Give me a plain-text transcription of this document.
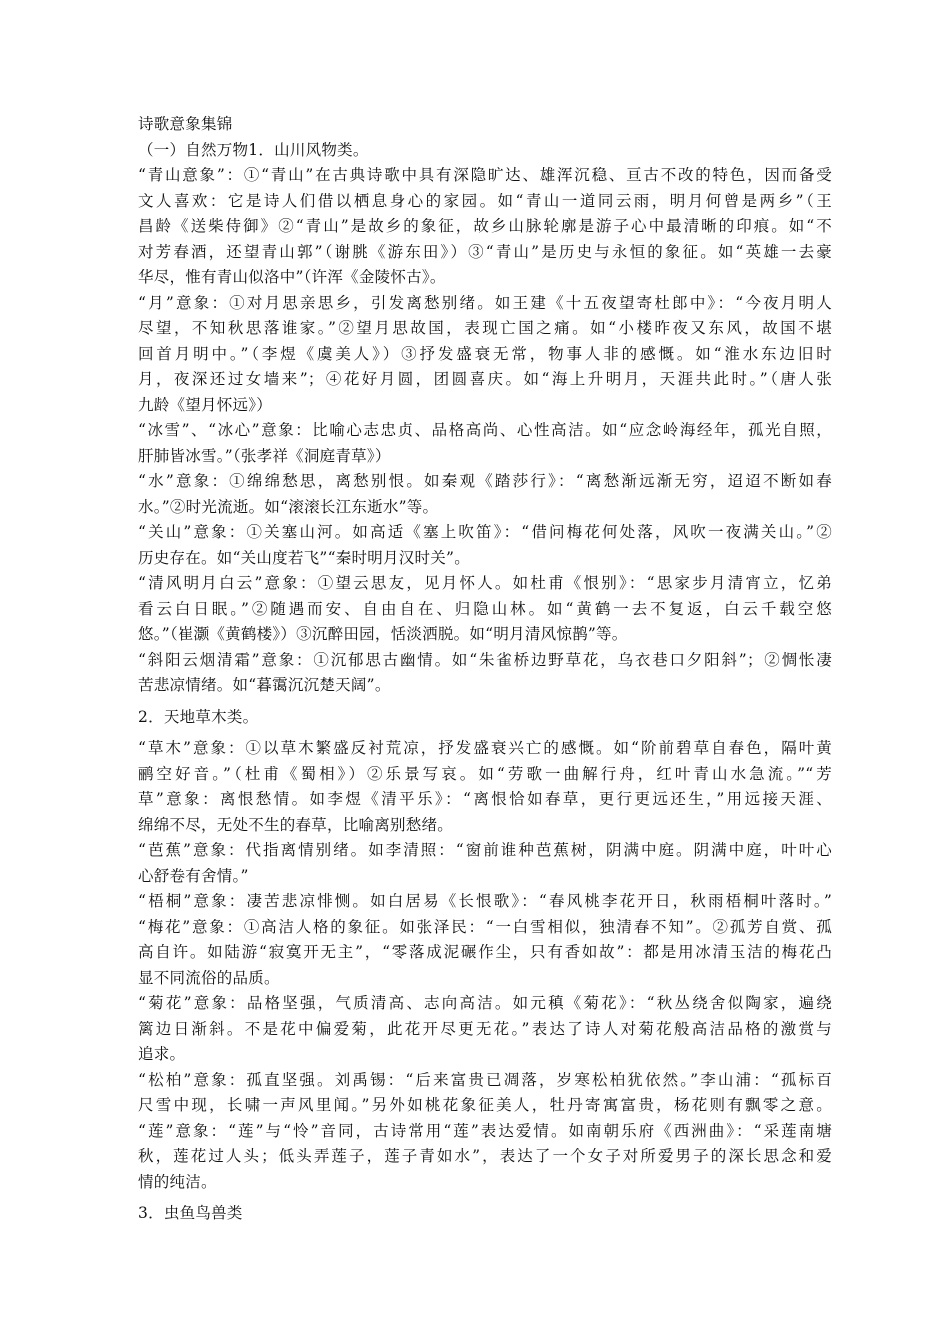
诗歌意象集锦
（一）自然万物1．山川风物类。
“青山意象”：①“青山”在古典诗歌中具有深隐旷达、雄浑沉稳、亘古不改的特色，因而备受
文人喜欢：它是诗人们借以栖息身心的家园。如“青山一道同云雨，明月何曾是两乡”（王
昌龄《送柴侍御》②“青山”是故乡的象征，故乡山脉轮廓是游子心中最清晰的印痕。如“不
对芳春酒，还望青山郭”（谢朓《游东田》）③“青山”是历史与永恒的象征。如“英雄一去豪
华尽，惟有青山似洛中”（许浑《金陵怀古》。
“月”意象：①对月思亲思乡，引发离愁别绪。如王建《十五夜望寄杜郎中》：“今夜月明人
尽望，不知秋思落谁家。”②望月思故国，表现亡国之痛。如“小楼昨夜又东风，故国不堪
回首月明中。”（李煜《虞美人》）③抒发盛衰无常，物事人非的感慨。如“淮水东边旧时
月，夜深还过女墙来”；④花好月圆，团圆喜庆。如“海上升明月，天涯共此时。”（唐人张
九龄《望月怀远》）
“冰雪”、“冰心”意象：比喻心志忠贞、品格高尚、心性高洁。如“应念岭海经年，孤光自照，
肝肺皆冰雪。”（张孝祥《洞庭青草》）
“水”意象：①绵绵愁思，离愁别恨。如秦观《踏莎行》：“离愁渐远渐无穷，迢迢不断如春
水。”②时光流逝。如“滚滚长江东逝水”等。
“关山”意象：①关塞山河。如高适《塞上吹笛》：“借问梅花何处落，风吹一夜满关山。”②
历史存在。如“关山度若飞”“秦时明月汉时关”。
“清风明月白云”意象：①望云思友，见月怀人。如杜甫《恨别》：“思家步月清宵立，忆弟
看云白日眠。”②随遇而安、自由自在、归隐山林。如“黄鹤一去不复返，白云千载空悠
悠。”（崔灏《黄鹤楼》）③沉醉田园，恬淡洒脱。如“明月清风惊鹊”等。
“斜阳云烟清霜”意象：①沉郁思古幽情。如“朱雀桥边野草花，乌衣巷口夕阳斜”；②惆怅凄
苦悲凉情绪。如“暮霭沉沉楚天阔”。
2．天地草木类。
“草木”意象：①以草木繁盛反衬荒凉，抒发盛衰兴亡的感慨。如“阶前碧草自春色，隔叶黄
鹂空好音。”（杜甫《蜀相》）②乐景写哀。如“劳歌一曲解行舟，红叶青山水急流。”“芳
草”意象：离恨愁情。如李煜《清平乐》：“离恨恰如春草，更行更远还生，”用远接天涯、
绵绵不尽，无处不生的春草，比喻离别愁绪。
“芭蕉”意象：代指离情别绪。如李清照：“窗前谁种芭蕉树，阴满中庭。阴满中庭，叶叶心
心舒卷有舍情。”
“梧桐”意象：凄苦悲凉悱恻。如白居易《长恨歌》：“春风桃李花开日，秋雨梧桐叶落时。”
“梅花”意象：①高洁人格的象征。如张泽民：“一白雪相似，独清春不知”。②孤芳自赏、孤
高自许。如陆游“寂寞开无主”，“零落成泥碾作尘，只有香如故”：都是用冰清玉洁的梅花凸
显不同流俗的品质。
“菊花”意象：品格坚强，气质清高、志向高洁。如元稹《菊花》：“秋丛绕舍似陶家，遍绕
篱边日渐斜。不是花中偏爱菊，此花开尽更无花。”表达了诗人对菊花般高洁品格的激赏与
追求。
“松柏”意象：孤直坚强。刘禹锡：“后来富贵已凋落，岁寒松柏犹依然。”李山浦：“孤标百
尺雪中现，长啸一声风里闻。”另外如桃花象征美人，牡丹寄寓富贵，杨花则有飘零之意。
“莲”意象：“莲”与“怜”音同，古诗常用“莲”表达爱情。如南朝乐府《西洲曲》：“采莲南塘
秋，莲花过人头；低头弄莲子，莲子青如水”，表达了一个女子对所爱男子的深长思念和爱
情的纯洁。
3．虫鱼鸟兽类
